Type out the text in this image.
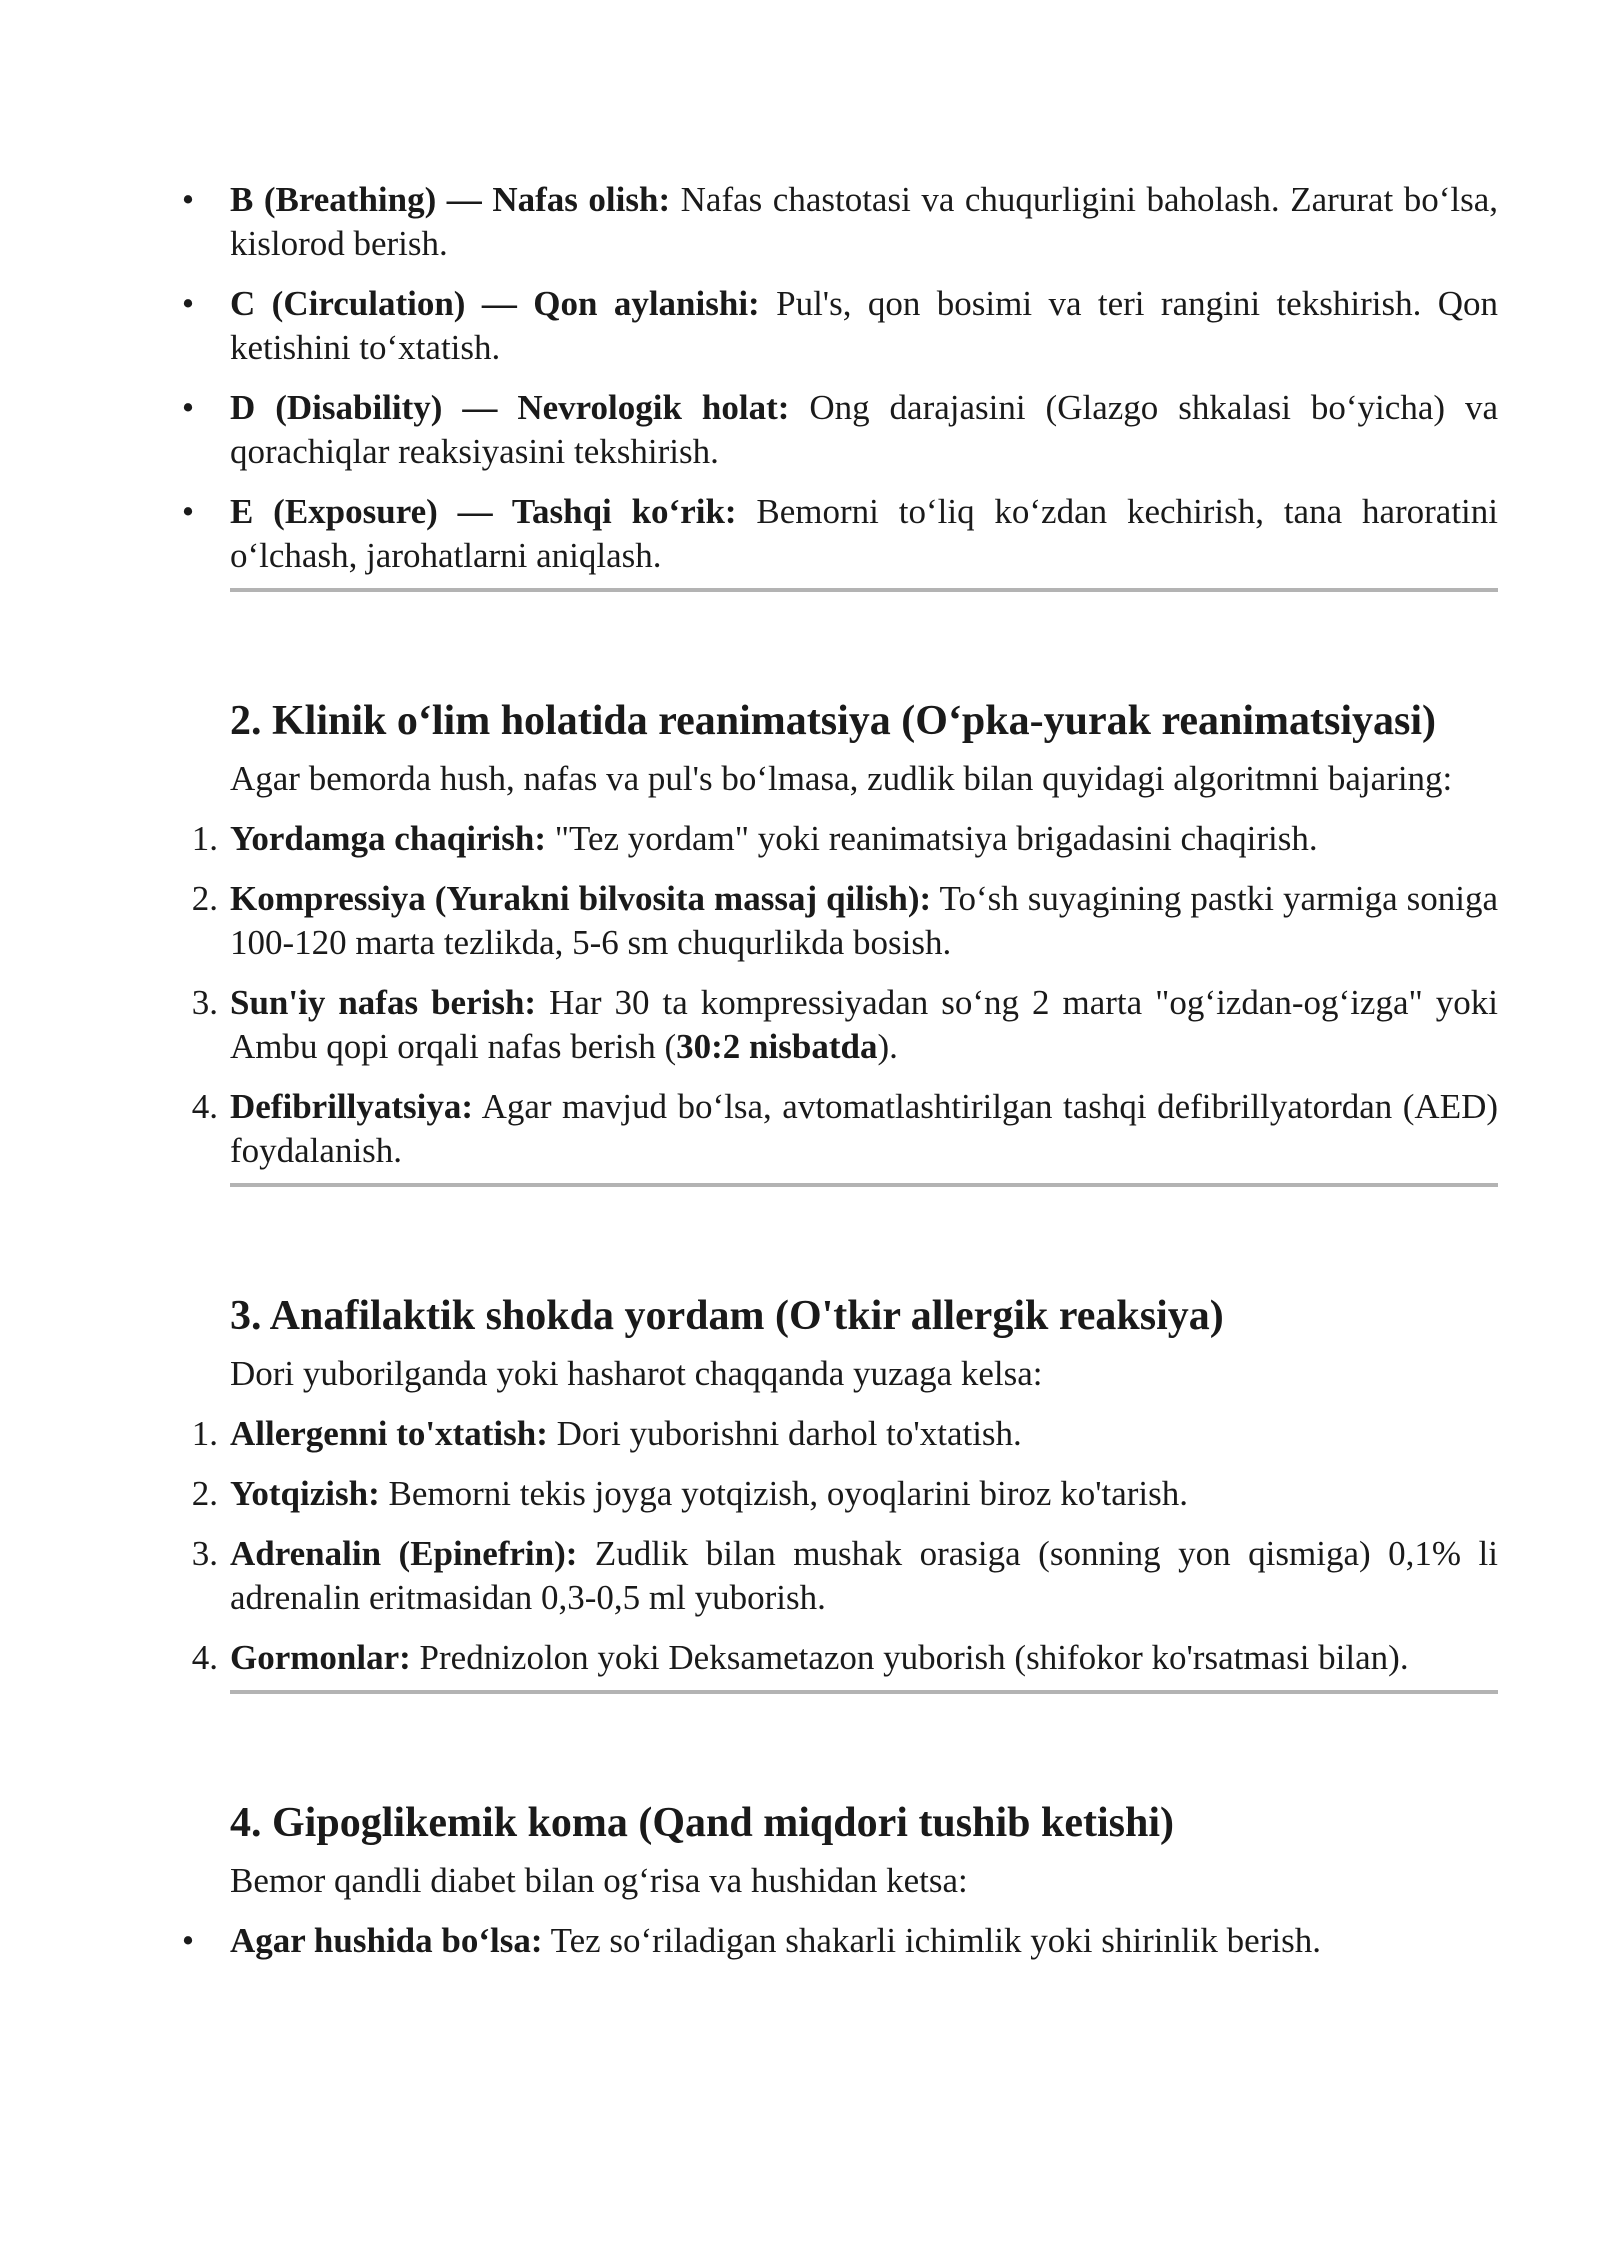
• B (Breathing) — Nafas olish: Nafas chastotasi va chuqurligini baholash. Zarurat bo‘lsa, kislorod berish.
• C (Circulation) — Qon aylanishi: Pul's, qon bosimi va teri rangini tekshirish. Qon ketishini to‘xtatish.
• D (Disability) — Nevrologik holat: Ong darajasini (Glazgo shkalasi bo‘yicha) va qorachiqlar reaksiyasini tekshirish.
• E (Exposure) — Tashqi ko‘rik: Bemorni to‘liq ko‘zdan kechirish, tana haroratini o‘lchash, jarohatlarni aniqlash.
2. Klinik o‘lim holatida reanimatsiya (O‘pka-yurak reanimatsiyasi)
Agar bemorda hush, nafas va pul's bo‘lmasa, zudlik bilan quyidagi algoritmni bajaring:
1. Yordamga chaqirish: "Tez yordam" yoki reanimatsiya brigadasini chaqirish.
2. Kompressiya (Yurakni bilvosita massaj qilish): To‘sh suyagining pastki yarmiga soniga 100-120 marta tezlikda, 5-6 sm chuqurlikda bosish.
3. Sun'iy nafas berish: Har 30 ta kompressiyadan so‘ng 2 marta "og‘izdan-og‘izga" yoki Ambu qopi orqali nafas berish (30:2 nisbatda).
4. Defibrillyatsiya: Agar mavjud bo‘lsa, avtomatlashtirilgan tashqi defibrillyatordan (AED) foydalanish.
3. Anafilaktik shokda yordam (O'tkir allergik reaksiya)
Dori yuborilganda yoki hasharot chaqqanda yuzaga kelsa:
1. Allergenni to'xtatish: Dori yuborishni darhol to'xtatish.
2. Yotqizish: Bemorni tekis joyga yotqizish, oyoqlarini biroz ko'tarish.
3. Adrenalin (Epinefrin): Zudlik bilan mushak orasiga (sonning yon qismiga) 0,1% li adrenalin eritmasidan 0,3-0,5 ml yuborish.
4. Gormonlar: Prednizolon yoki Deksametazon yuborish (shifokor ko'rsatmasi bilan).
4. Gipoglikemik koma (Qand miqdori tushib ketishi)
Bemor qandli diabet bilan og‘risa va hushidan ketsa:
• Agar hushida bo‘lsa: Tez so‘riladigan shakarli ichimlik yoki shirinlik berish.
